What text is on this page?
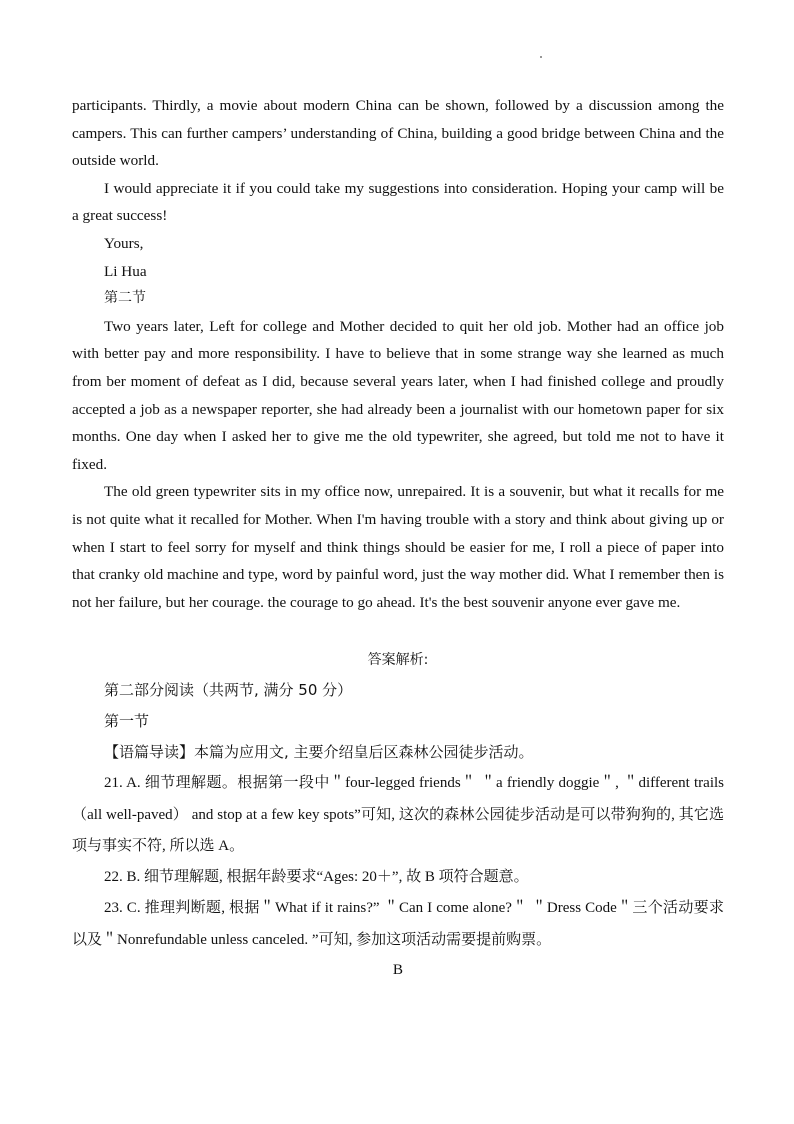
participants. Thirdly, a movie about modern China can be shown, followed by a discussion among the campers. This can further campers’ understanding of China, building a good bridge between China and the outside world.

I would appreciate it if you could take my suggestions into consideration. Hoping your camp will be a great success!

Yours,

Li Hua

第二节

Two years later, Left for college and Mother decided to quit her old job. Mother had an office job with better pay and more responsibility. I have to believe that in some strange way she learned as much from ber moment of defeat as I did, because several years later, when I had finished college and proudly accepted a job as a newspaper reporter, she had already been a journalist with our hometown paper for six months. One day when I asked her to give me the old typewriter, she agreed, but told me not to have it fixed.

The old green typewriter sits in my office now, unrepaired. It is a souvenir, but what it recalls for me is not quite what it recalled for Mother. When I'm having trouble with a story and think about giving up or when I start to feel sorry for myself and think things should be easier for me, I roll a piece of paper into that cranky old machine and type, word by painful word, just the way mother did. What I remember then is not her failure, but her courage. the courage to go ahead. It's the best souvenir anyone ever gave me.

答案解析:

第二部分阅读（共两节, 满分 50 分）

第一节

【语篇导读】本篇为应用文, 主要介绍皇后区森林公园徒步活动。

21. A. 细节理解题。根据第一段中＂four-legged friends＂ ＂a friendly doggie＂, ＂different trails （all well-paved） and stop at a few key spots”可知, 这次的森林公园徒步活动是可以带狗狗的, 其它选项与事实不符, 所以选 A。

22. B. 细节理解题, 根据年龄要求“Ages: 20＋”, 故 B 项符合题意。

23. C. 推理判断题, 根据＂What if it rains?” ＂Can I come alone?＂ ＂Dress Code＂三个活动要求以及＂Nonrefundable unless canceled. ”可知, 参加这项活动需要提前购票。

B
